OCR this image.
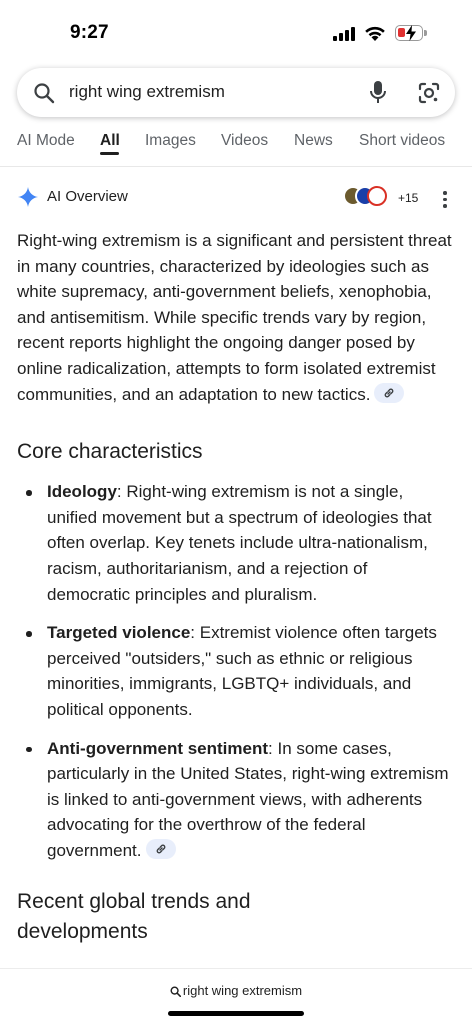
9:27
right wing extremism
AI Mode All Images Videos News Short videos
AI Overview	+15

Right-wing extremism is a significant and persistent threat in many countries, characterized by ideologies such as white supremacy, anti-government beliefs, xenophobia, and antisemitism. While specific trends vary by region, recent reports highlight the ongoing danger posed by online radicalization, attempts to form isolated extremist communities, and an adaptation to new tactics.

Core characteristics
Ideology: Right-wing extremism is not a single, unified movement but a spectrum of ideologies that often overlap. Key tenets include ultra-nationalism, racism, authoritarianism, and a rejection of democratic principles and pluralism.
Targeted violence: Extremist violence often targets perceived "outsiders," such as ethnic or religious minorities, immigrants, LGBTQ+ individuals, and political opponents.
Anti-government sentiment: In some cases, particularly in the United States, right-wing extremism is linked to anti-government views, with adherents advocating for the overthrow of the federal government.
Recent global trends and developments
right wing extremism
